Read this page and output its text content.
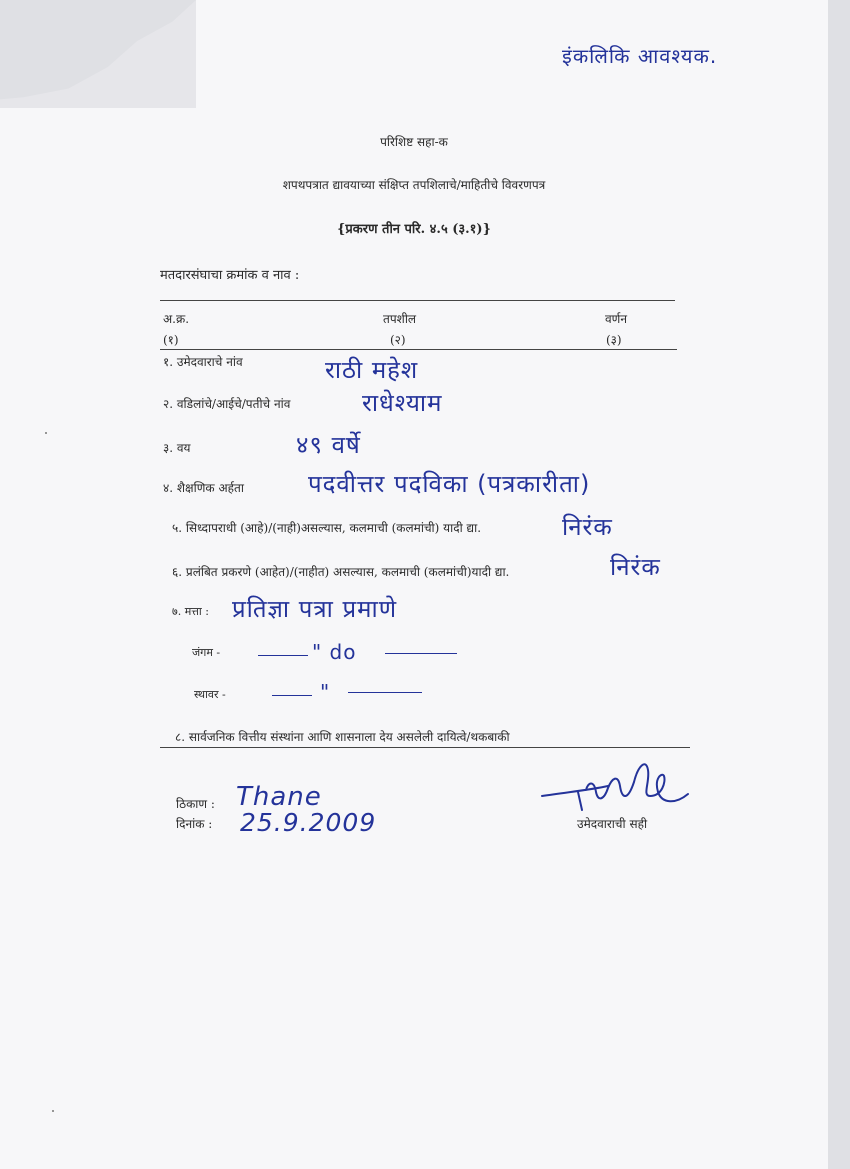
इंकलिकि आवश्यक.
परिशिष्ट सहा-क
शपथपत्रात द्यावयाच्या संक्षिप्त तपशिलाचे/माहितीचे विवरणपत्र
{प्रकरण तीन परि. ४.५ (३.१)}
मतदारसंघाचा क्रमांक व नाव :
अ.क्र.	तपशील	वर्णन
(१)	(२)	(३)
१. उमेदवाराचे नांव	राठी महेश
२. वडिलांचे/आईचे/पतीचे नांव	राधेश्याम
३. वय	४९ वर्षे
४. शैक्षणिक अर्हता	पदवीत्तर पदविका (पत्रकारीता)
५. सिध्दापराधी (आहे)/(नाही)असल्यास, कलमाची (कलमांची) यादी द्या.	निरंक
६. प्रलंबित प्रकरणे (आहेत)/(नाहीत) असल्यास, कलमाची (कलमांची)यादी द्या.	निरंक
७. मत्ता : प्रतिज्ञा पत्रा प्रमाणे
जंगम -	" do
स्थावर -	"
८. सार्वजनिक वित्तीय संस्थांना आणि शासनाला देय असलेली दायित्वे/थकबाकी
ठिकाण : Thane
दिनांक : 25.9.2009	उमेदवाराची सही
